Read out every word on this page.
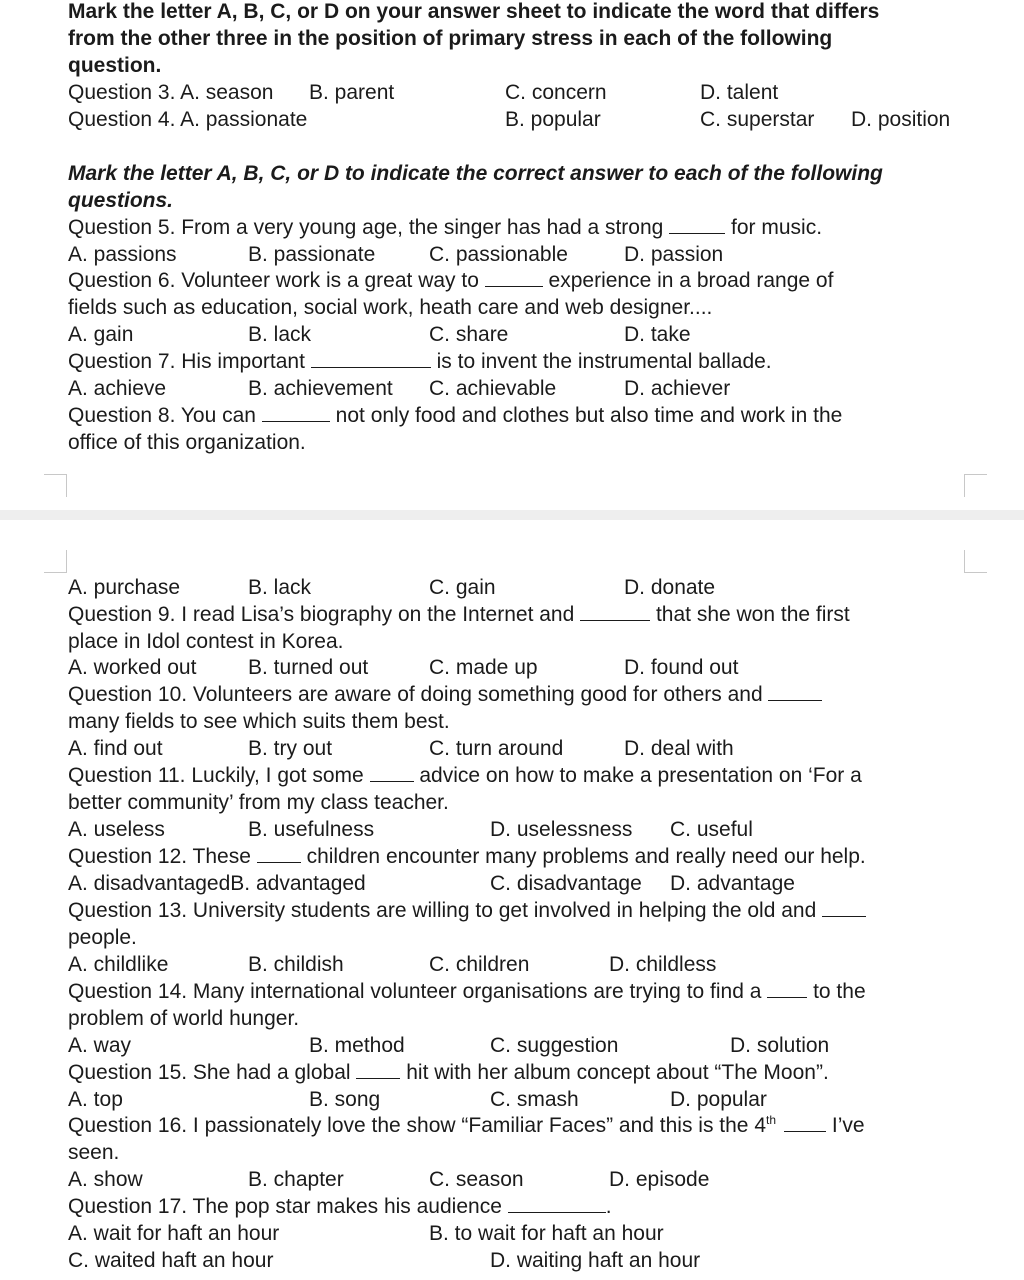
Mark the letter A, B, C, or D on your answer sheet to indicate the word that differs
from the other three in the position of primary stress in each of the following
question.
Question 3. A. season B. parent	C. concern	D. talent
Question 4. A. passionate	B. popular	C. superstar D. position
Mark the letter A, B, C, or D to indicate the correct answer to each of the following
questions.
Question 5. From a very young age, the singer has had a strong	for music.
A. passions	B. passionate	C. passionable	D. passion
Question 6. Volunteer work is a great way to	experience in a broad range of
fields such as education, social work, heath care and web designer....
A. gain	B. lack	C. share	D. take
Question 7. His important	is to invent the instrumental ballade.
A. achieve	B. achievement C. achievable	D. achiever
Question 8. You can	not only food and clothes but also time and work in the
office of this organization.
A. purchase	B. lack	C. gain	D. donate
Question 9. I read Lisa’s biography on the Internet and	that she won the first
place in Idol contest in Korea.
A. worked out B. turned out	C. made up	D. found out
Question 10. Volunteers are aware of doing something good for others and
many fields to see which suits them best.
A. find out	B. try out	C. turn around	D. deal with
Question 11. Luckily, I got some  advice on how to make a presentation on ‘For a
better community’ from my class teacher.
A. useless	B. usefulness	D. uselessness C. useful
Question 12. These  children encounter many problems and really need our help.
A. disadvantagedB. advantaged	C. disadvantage D. advantage
Question 13. University students are willing to get involved in helping the old and
people.
A. childlike	B. childish	C. children	D. childless
Question 14. Many international volunteer organisations are trying to find a  to the
problem of world hunger.
A. way	B. method	C. suggestion	D. solution
Question 15. She had a global  hit with her album concept about “The Moon”.
A. top	B. song	C. smash	D. popular
Question 16. I passionately love the show “Familiar Faces” and this is the 4th I’ve
seen.
A. show	B. chapter	C. season	D. episode
Question 17. The pop star makes his audience	.
A. wait for haft an hour	B. to wait for haft an hour
C. waited haft an hour	D. waiting haft an hour
